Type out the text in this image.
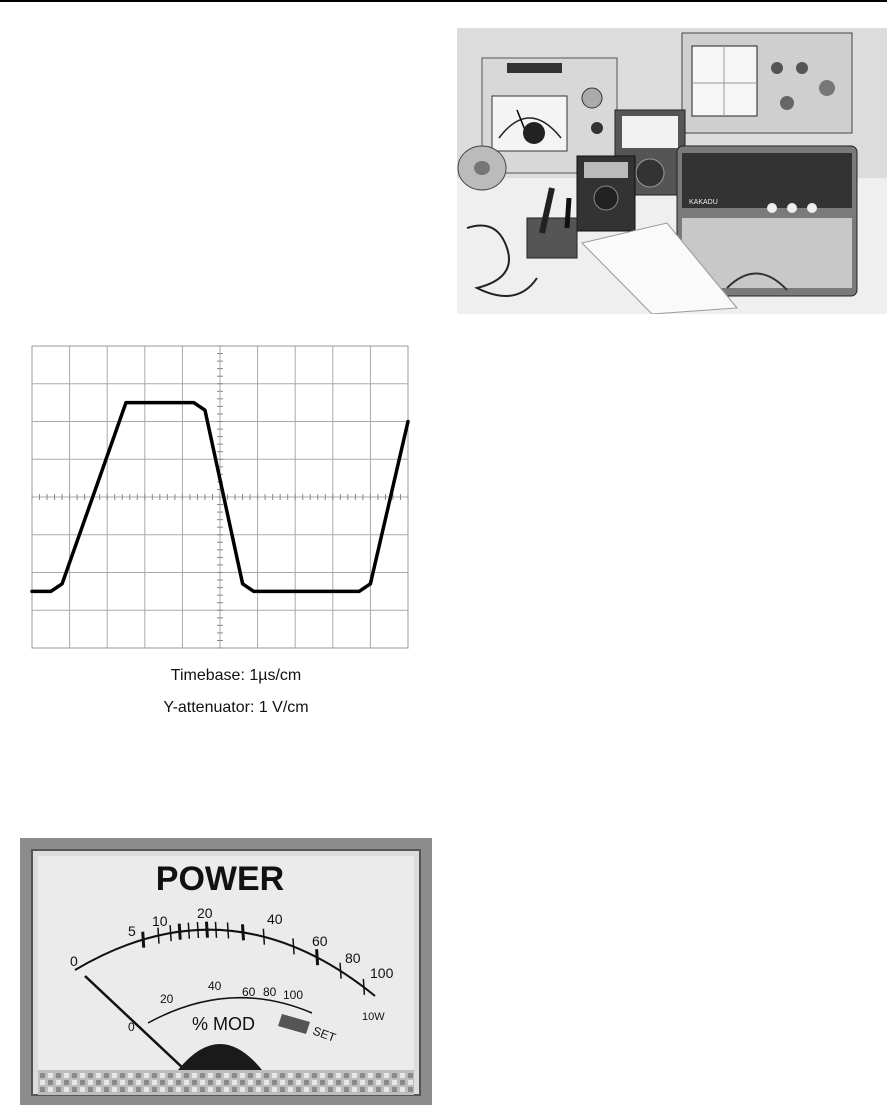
KAKADU
Timebase: 1µs/cm
Y-attenuator: 1 V/cm
POWER
0
5
10 20	40
60
80
100
10W
0
20
40 60 80 100
% MOD	SET
